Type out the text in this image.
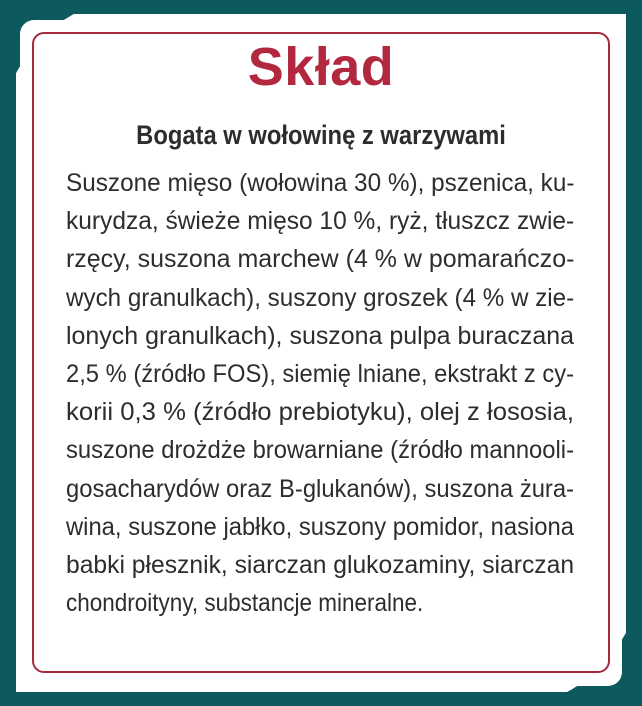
Skład
Bogata w wołowinę z warzywami
Suszone mięso (wołowina 30 %), pszenica, ku-
kurydza, świeże mięso 10 %, ryż, tłuszcz zwie-
rzęcy, suszona marchew (4 % w pomarańczo-
wych granulkach), suszony groszek (4 % w zie-
lonych granulkach), suszona pulpa buraczana
2,5 % (źródło FOS), siemię lniane, ekstrakt z cy-
korii 0,3 % (źródło prebiotyku), olej z łososia,
suszone drożdże browarniane (źródło mannooli-
gosacharydów oraz B-glukanów), suszona żura-
wina, suszone jabłko, suszony pomidor, nasiona
babki płesznik, siarczan glukozaminy, siarczan
chondroityny, substancje mineralne.
